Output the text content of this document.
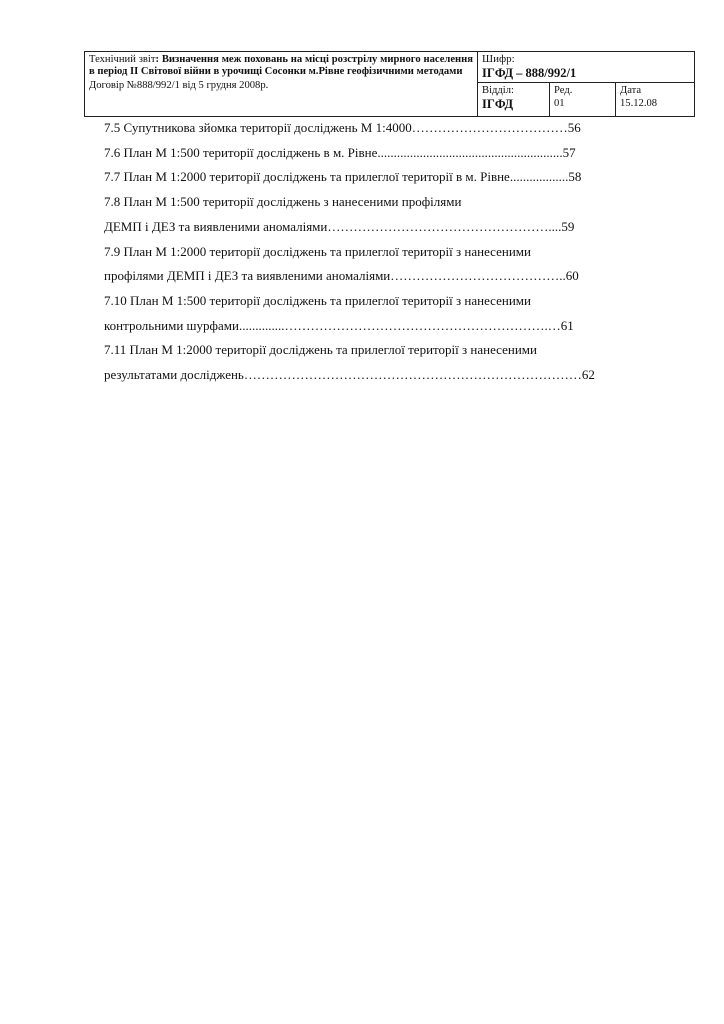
Технічний звіт: Визначення меж поховань на місці розстрілу мирного населення в період ІІ Світової війни в урочищі Сосонки м.Рівне геофізичними методами
Договір №888/992/1 від 5 грудня 2008р.
Шифр:
ІГФД – 888/992/1
Відділ:
ІГФД
Ред.
01
Дата
15.12.08
7.5 Супутникова зйомка території досліджень М 1:4000………………………………56
7.6 План М 1:500 території досліджень в м. Рівне.........................................................57
7.7 План М 1:2000 території досліджень та прилеглої території в м. Рівне..................58
7.8 План М 1:500 території досліджень з нанесеними профілями
ДЕМП і ДЕЗ та виявленими аномаліями……………………………………………....59
7.9 План М 1:2000 території досліджень та прилеглої території з нанесеними
профілями ДЕМП і ДЕЗ та виявленими аномаліями…………………………………..60
7.10 План М 1:500 території досліджень та прилеглої території з нанесеними
контрольними шурфами..............…………………………………………………….…61
7.11 План М 1:2000 території досліджень та прилеглої території з нанесеними
результатами досліджень……………………………………………………………………62
